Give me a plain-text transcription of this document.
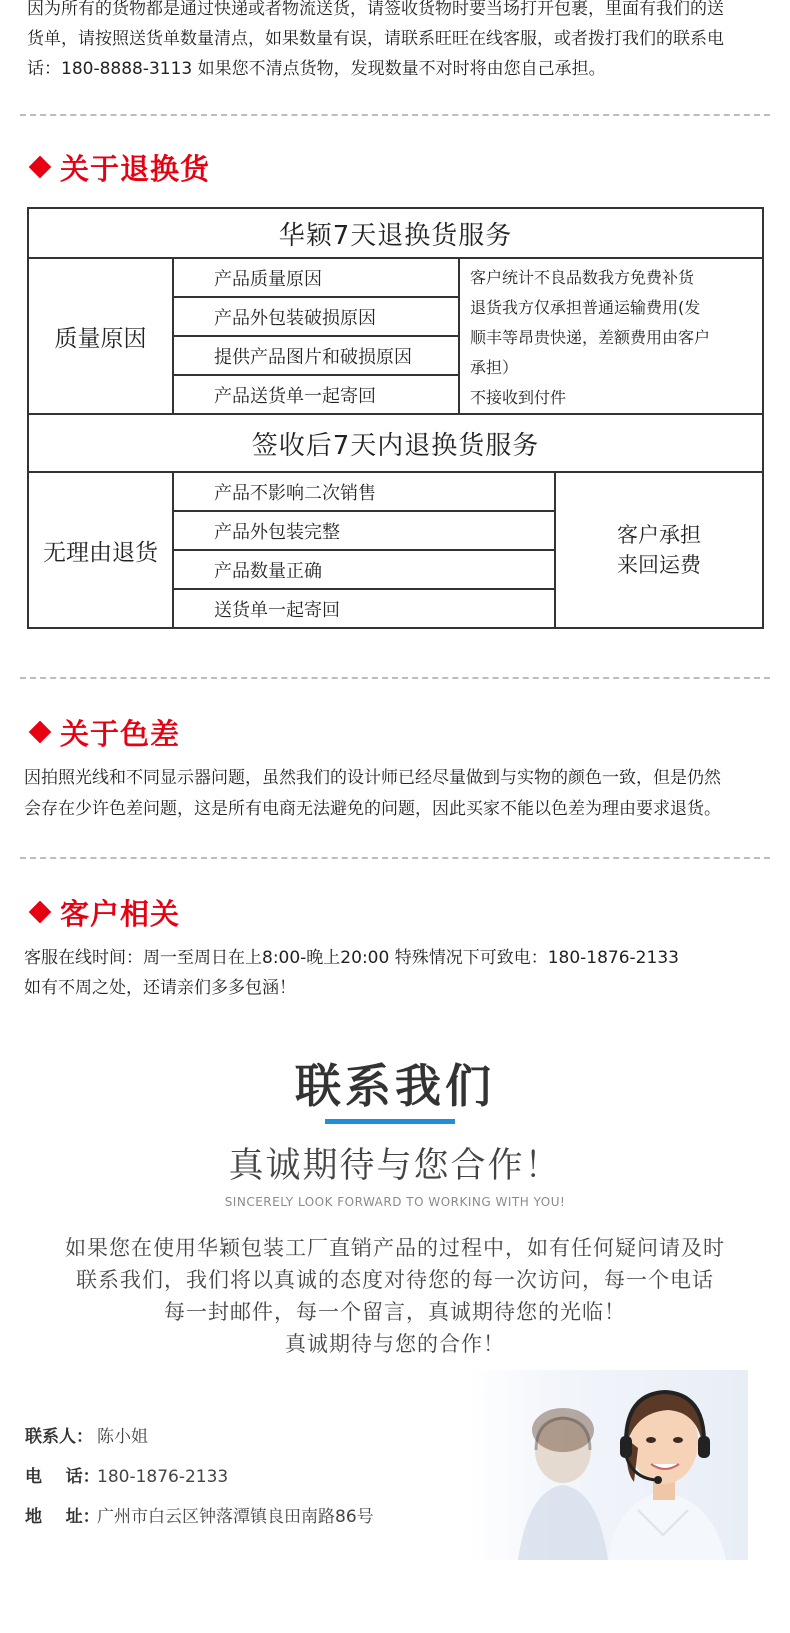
因为所有的货物都是通过快递或者物流送货，请签收货物时要当场打开包裹，里面有我们的送
货单，请按照送货单数量清点，如果数量有误，请联系旺旺在线客服，或者拨打我们的联系电
话：180-8888-3113 如果您不清点货物，发现数量不对时将由您自己承担。
关于退换货
华颖7天退换货服务			
质量原因	产品质量原因	客户统计不良品数我方免费补货
退货我方仅承担普通运输费用(发
顺丰等昂贵快递，差额费用由客户
承担）
不接收到付件	

	产品外包装破损原因		
	提供产品图片和破损原因		
	产品送货单一起寄回		
签收后7天内退换货服务			
无理由退货	产品不影响二次销售		客户承担
来回运费

	产品外包装完整		
	产品数量正确		
	送货单一起寄回		
关于色差
因拍照光线和不同显示器问题，虽然我们的设计师已经尽量做到与实物的颜色一致，但是仍然
会存在少许色差问题，这是所有电商无法避免的问题，因此买家不能以色差为理由要求退货。
客户相关
客服在线时间：周一至周日在上8:00-晚上20:00 特殊情况下可致电：180-1876-2133
如有不周之处，还请亲们多多包涵！
联系我们
真诚期待与您合作！
SINCERELY LOOK FORWARD TO WORKING WITH YOU!
如果您在使用华颖包装工厂直销产品的过程中，如有任何疑问请及时
联系我们，我们将以真诚的态度对待您的每一次访问，每一个电话
每一封邮件，每一个留言，真诚期待您的光临！
真诚期待与您的合作！
联系人： 陈小姐
电    话：180-1876-2133
地    址：广州市白云区钟落潭镇良田南路86号
